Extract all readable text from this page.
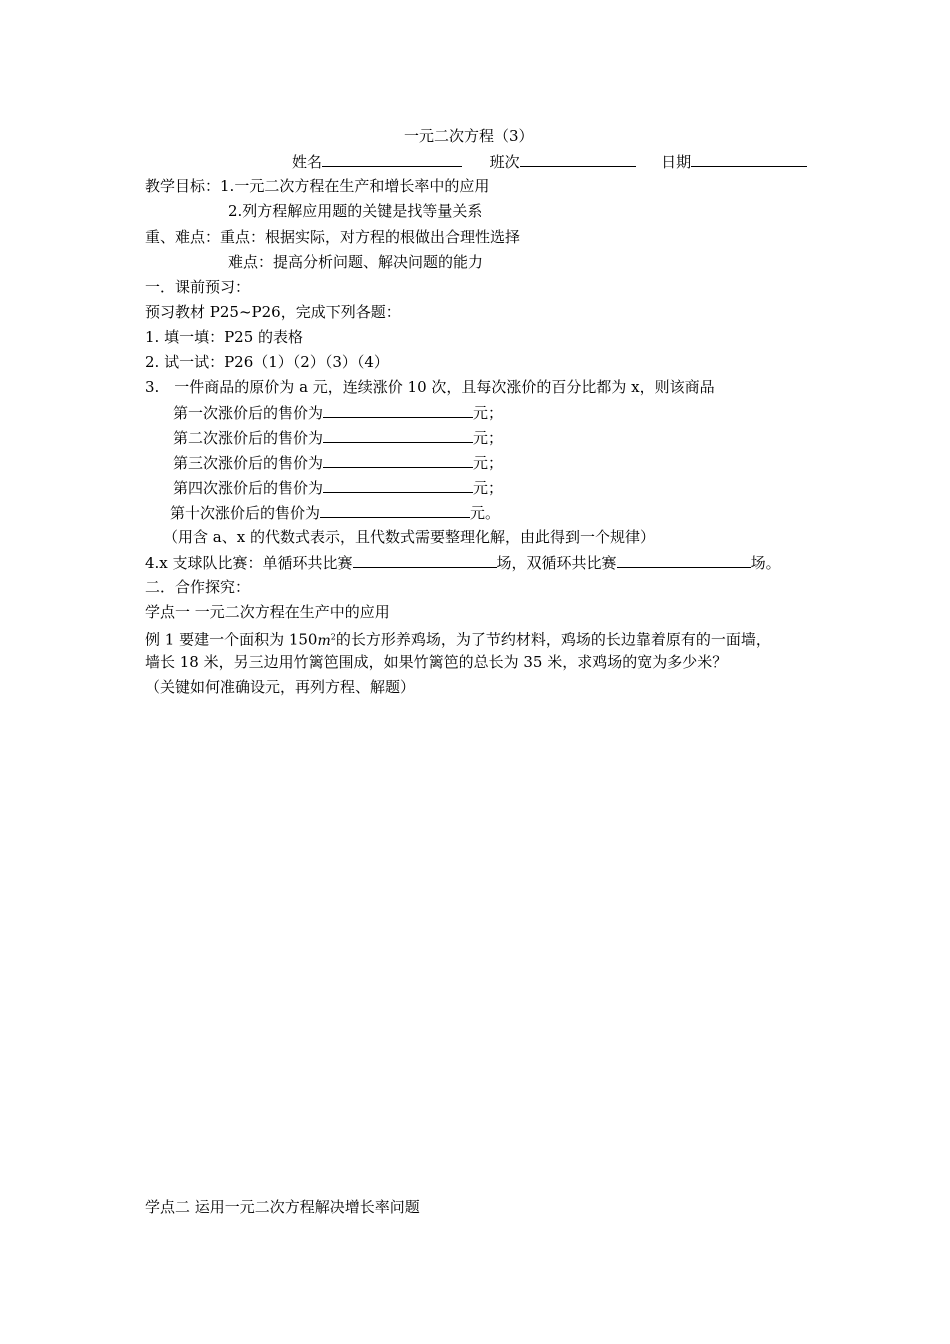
一元二次方程（3）
姓名	班次	日期
教学目标：1.一元二次方程在生产和增长率中的应用
2.列方程解应用题的关键是找等量关系
重、难点：重点：根据实际，对方程的根做出合理性选择
难点：提高分析问题、解决问题的能力
一．课前预习：
预习教材 P25~P26，完成下列各题：
1. 填一填：P25 的表格
2. 试一试：P26（1）（2）（3）（4）
3.　一件商品的原价为 a 元，连续涨价 10 次，且每次涨价的百分比都为 x，则该商品
第一次涨价后的售价为	元；
第二次涨价后的售价为	元；
第三次涨价后的售价为	元；
第四次涨价后的售价为	元；
第十次涨价后的售价为	元。
（用含 a、x 的代数式表示，且代数式需要整理化解，由此得到一个规律）
4.x 支球队比赛：单循环共比赛	场，双循环共比赛	场。
二．合作探究：
学点一 一元二次方程在生产中的应用
例 1 要建一个面积为 $150m^2$的长方形养鸡场，为了节约材料，鸡场的长边靠着原有的一面墙，
墙长 18 米，另三边用竹篱笆围成，如果竹篱笆的总长为 35 米，求鸡场的宽为多少米？
（关键如何准确设元，再列方程、解题）
学点二 运用一元二次方程解决增长率问题
